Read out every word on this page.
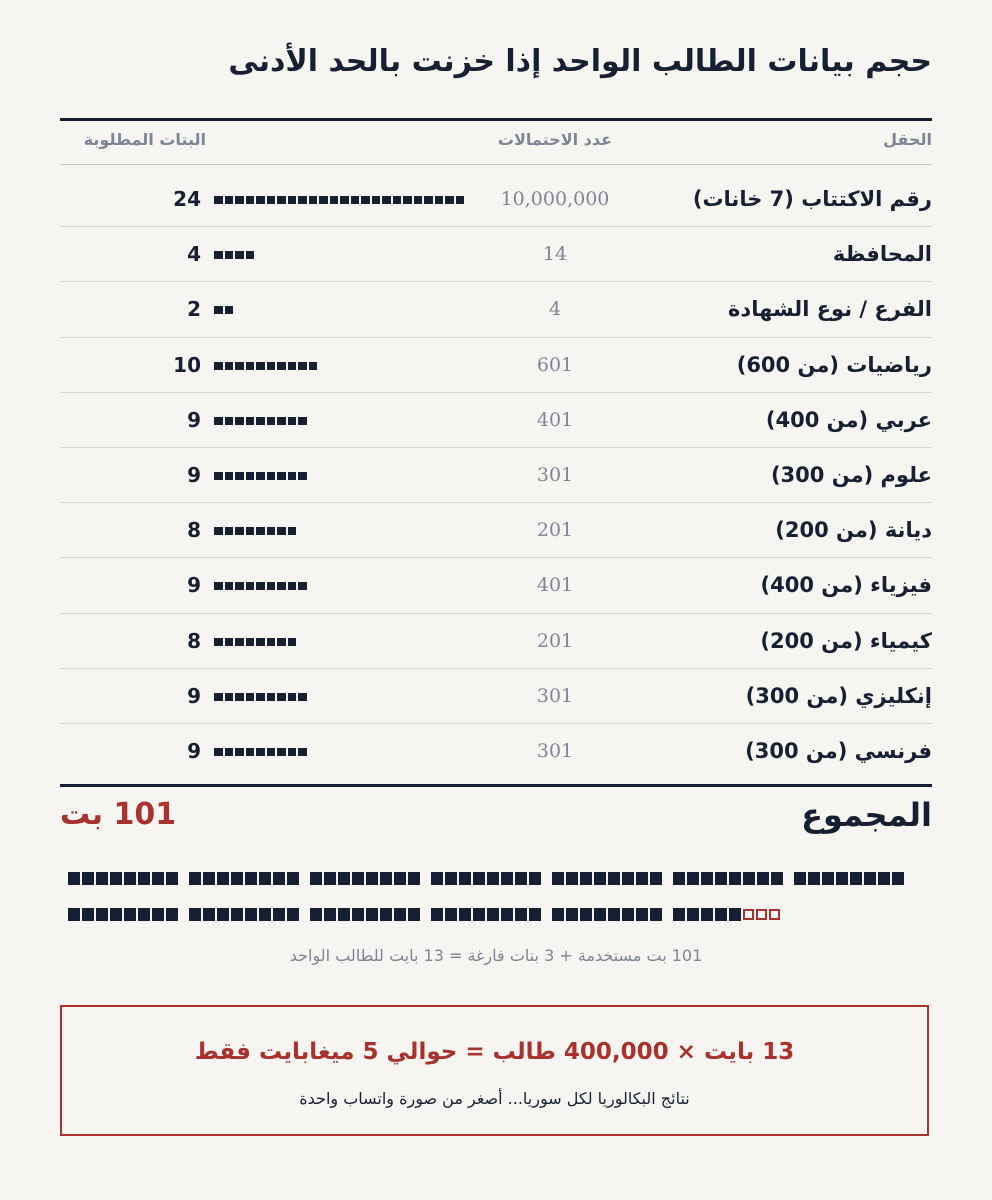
حجم بيانات الطالب الواحد إذا خزنت بالحد الأدنى
الحقل
عدد الاحتمالات
البتات المطلوبة
رقم الاكتتاب (7 خانات)
10,000,000
24
المحافظة
14
4
الفرع / نوع الشهادة
4
2
رياضيات (من 600)
601
10
عربي (من 400)
401
9
علوم (من 300)
301
9
ديانة (من 200)
201
8
فيزياء (من 400)
401
9
كيمياء (من 200)
201
8
إنكليزي (من 300)
301
9
فرنسي (من 300)
301
9
المجموع
101 بت
101 بت مستخدمة + 3 بتات فارغة = 13 بايت للطالب الواحد
13 بايت × 400,000 طالب = حوالي 5 ميغابايت فقط
نتائج البكالوريا لكل سوريا... أصغر من صورة واتساب واحدة
